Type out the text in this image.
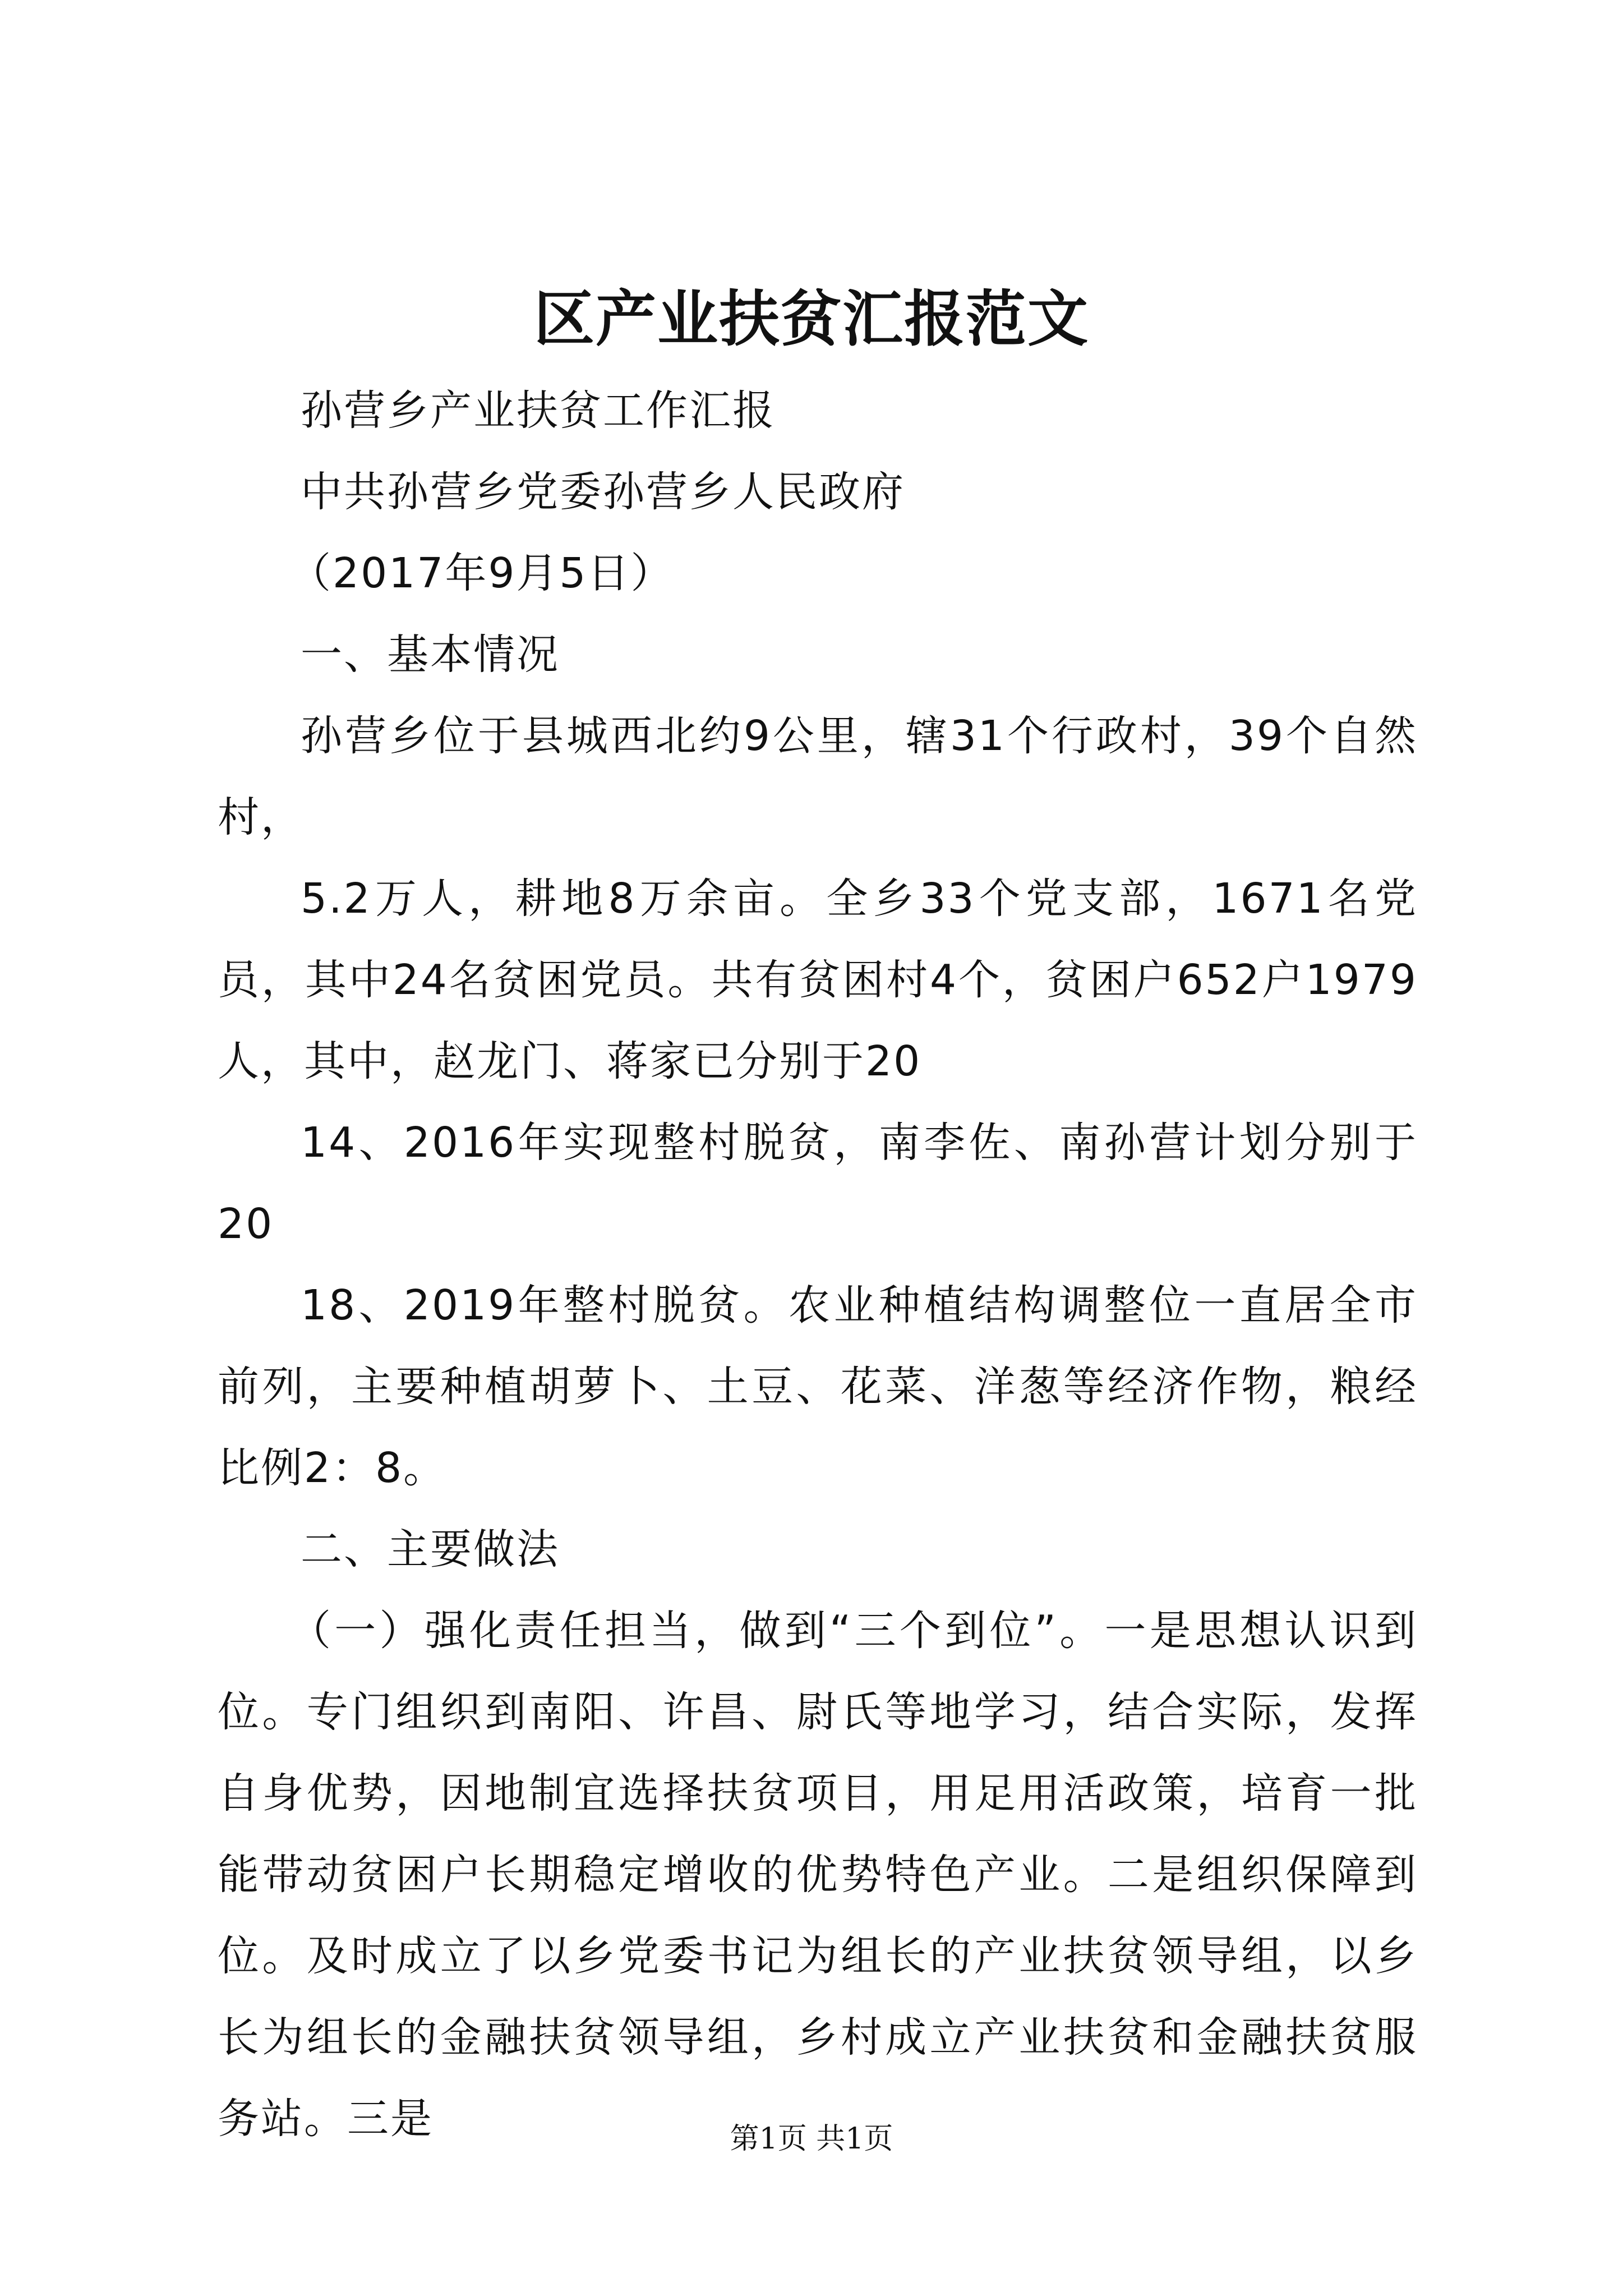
区产业扶贫汇报范文

孙营乡产业扶贫工作汇报

中共孙营乡党委孙营乡人民政府

（2017年9月5日）

一、基本情况

孙营乡位于县城西北约9公里，辖31个行政村，39个自然村，

5.2万人，耕地8万余亩。全乡33个党支部，1671名党员，其中24名贫困党员。共有贫困村4个，贫困户652户1979人，其中，赵龙门、蒋家已分别于20

14、2016年实现整村脱贫，南李佐、南孙营计划分别于20

18、2019年整村脱贫。农业种植结构调整位一直居全市前列，主要种植胡萝卜、土豆、花菜、洋葱等经济作物，粮经比例2：8。

二、主要做法

（一）强化责任担当，做到“三个到位”。一是思想认识到位。专门组织到南阳、许昌、尉氏等地学习，结合实际，发挥自身优势，因地制宜选择扶贫项目，用足用活政策，培育一批能带动贫困户长期稳定增收的优势特色产业。二是组织保障到位。及时成立了以乡党委书记为组长的产业扶贫领导组，以乡长为组长的金融扶贫领导组，乡村成立产业扶贫和金融扶贫服务站。三是	第1页 共1页
